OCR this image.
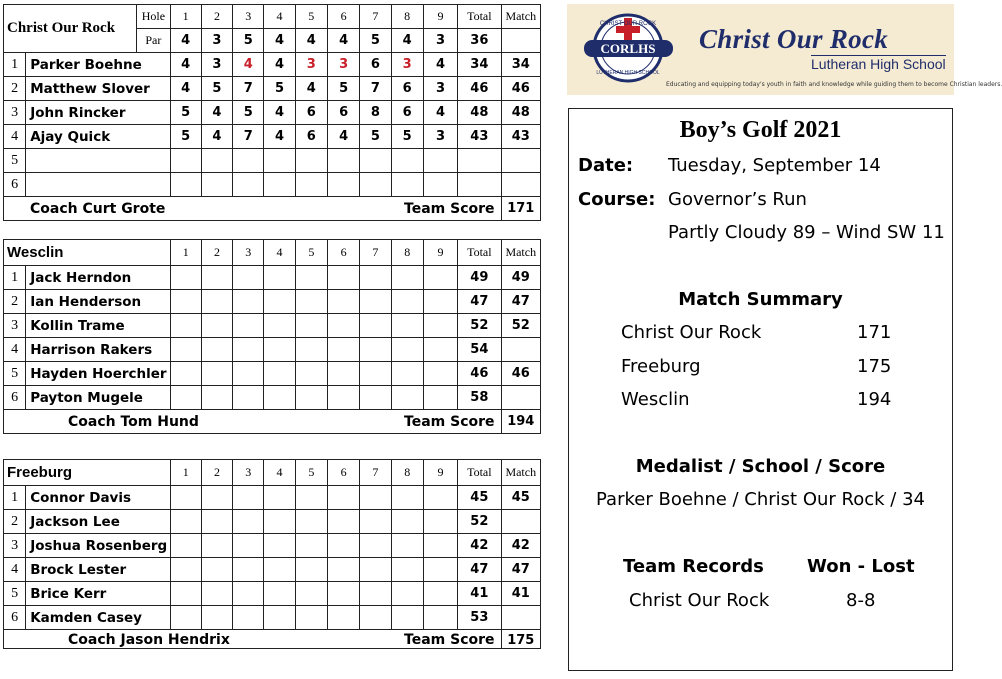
Christ Our Rock		Hole	1	2	3	4	5	6	7	8	9	Total	Match
		Par	4	3	5	4	4	4	5	4	3	36	
1	Parker Boehne		4	3	4	4	3	3	6	3	4	34	34
2	Matthew Slover		4	5	7	5	4	5	7	6	3	46	46
3	John Rincker		5	4	5	4	6	6	8	6	4	48	48
4	Ajay Quick		5	4	7	4	6	4	5	5	3	43	43
5													
6													
Coach Curt Grote Team Score													171
Wesclin		1	2	3	4	5	6	7	8	9	Total	Match
1	Jack Herndon										49	49
2	Ian Henderson										47	47
3	Kollin Trame										52	52
4	Harrison Rakers										54	
5	Hayden Hoerchler										46	46
6	Payton Mugele										58	
Coach Tom Hund Team Score												194
Freeburg		1	2	3	4	5	6	7	8	9	Total	Match
1	Connor Davis										45	45
2	Jackson Lee										52	
3	Joshua Rosenberg										42	42
4	Brock Lester										47	47
5	Brice Kerr										41	41
6	Kamden Casey										53	
Coach Jason Hendrix Team Score												175
CORLHS
CHRIST OUR ROCK
LUTHERAN HIGH SCHOOL
Christ Our Rock
Lutheran High School
Educating and equipping today's youth in faith and knowledge while guiding them to become Christian leaders.
Boy’s Golf 2021
Date: Tuesday, September 14
Course: Governor’s Run
Partly Cloudy 89 – Wind SW 11
Match Summary
Christ Our Rock	171
Freeburg	175
Wesclin	194
Medalist / School / Score
Parker Boehne / Christ Our Rock / 34
Team Records Won - Lost
Christ Our Rock	8-8
